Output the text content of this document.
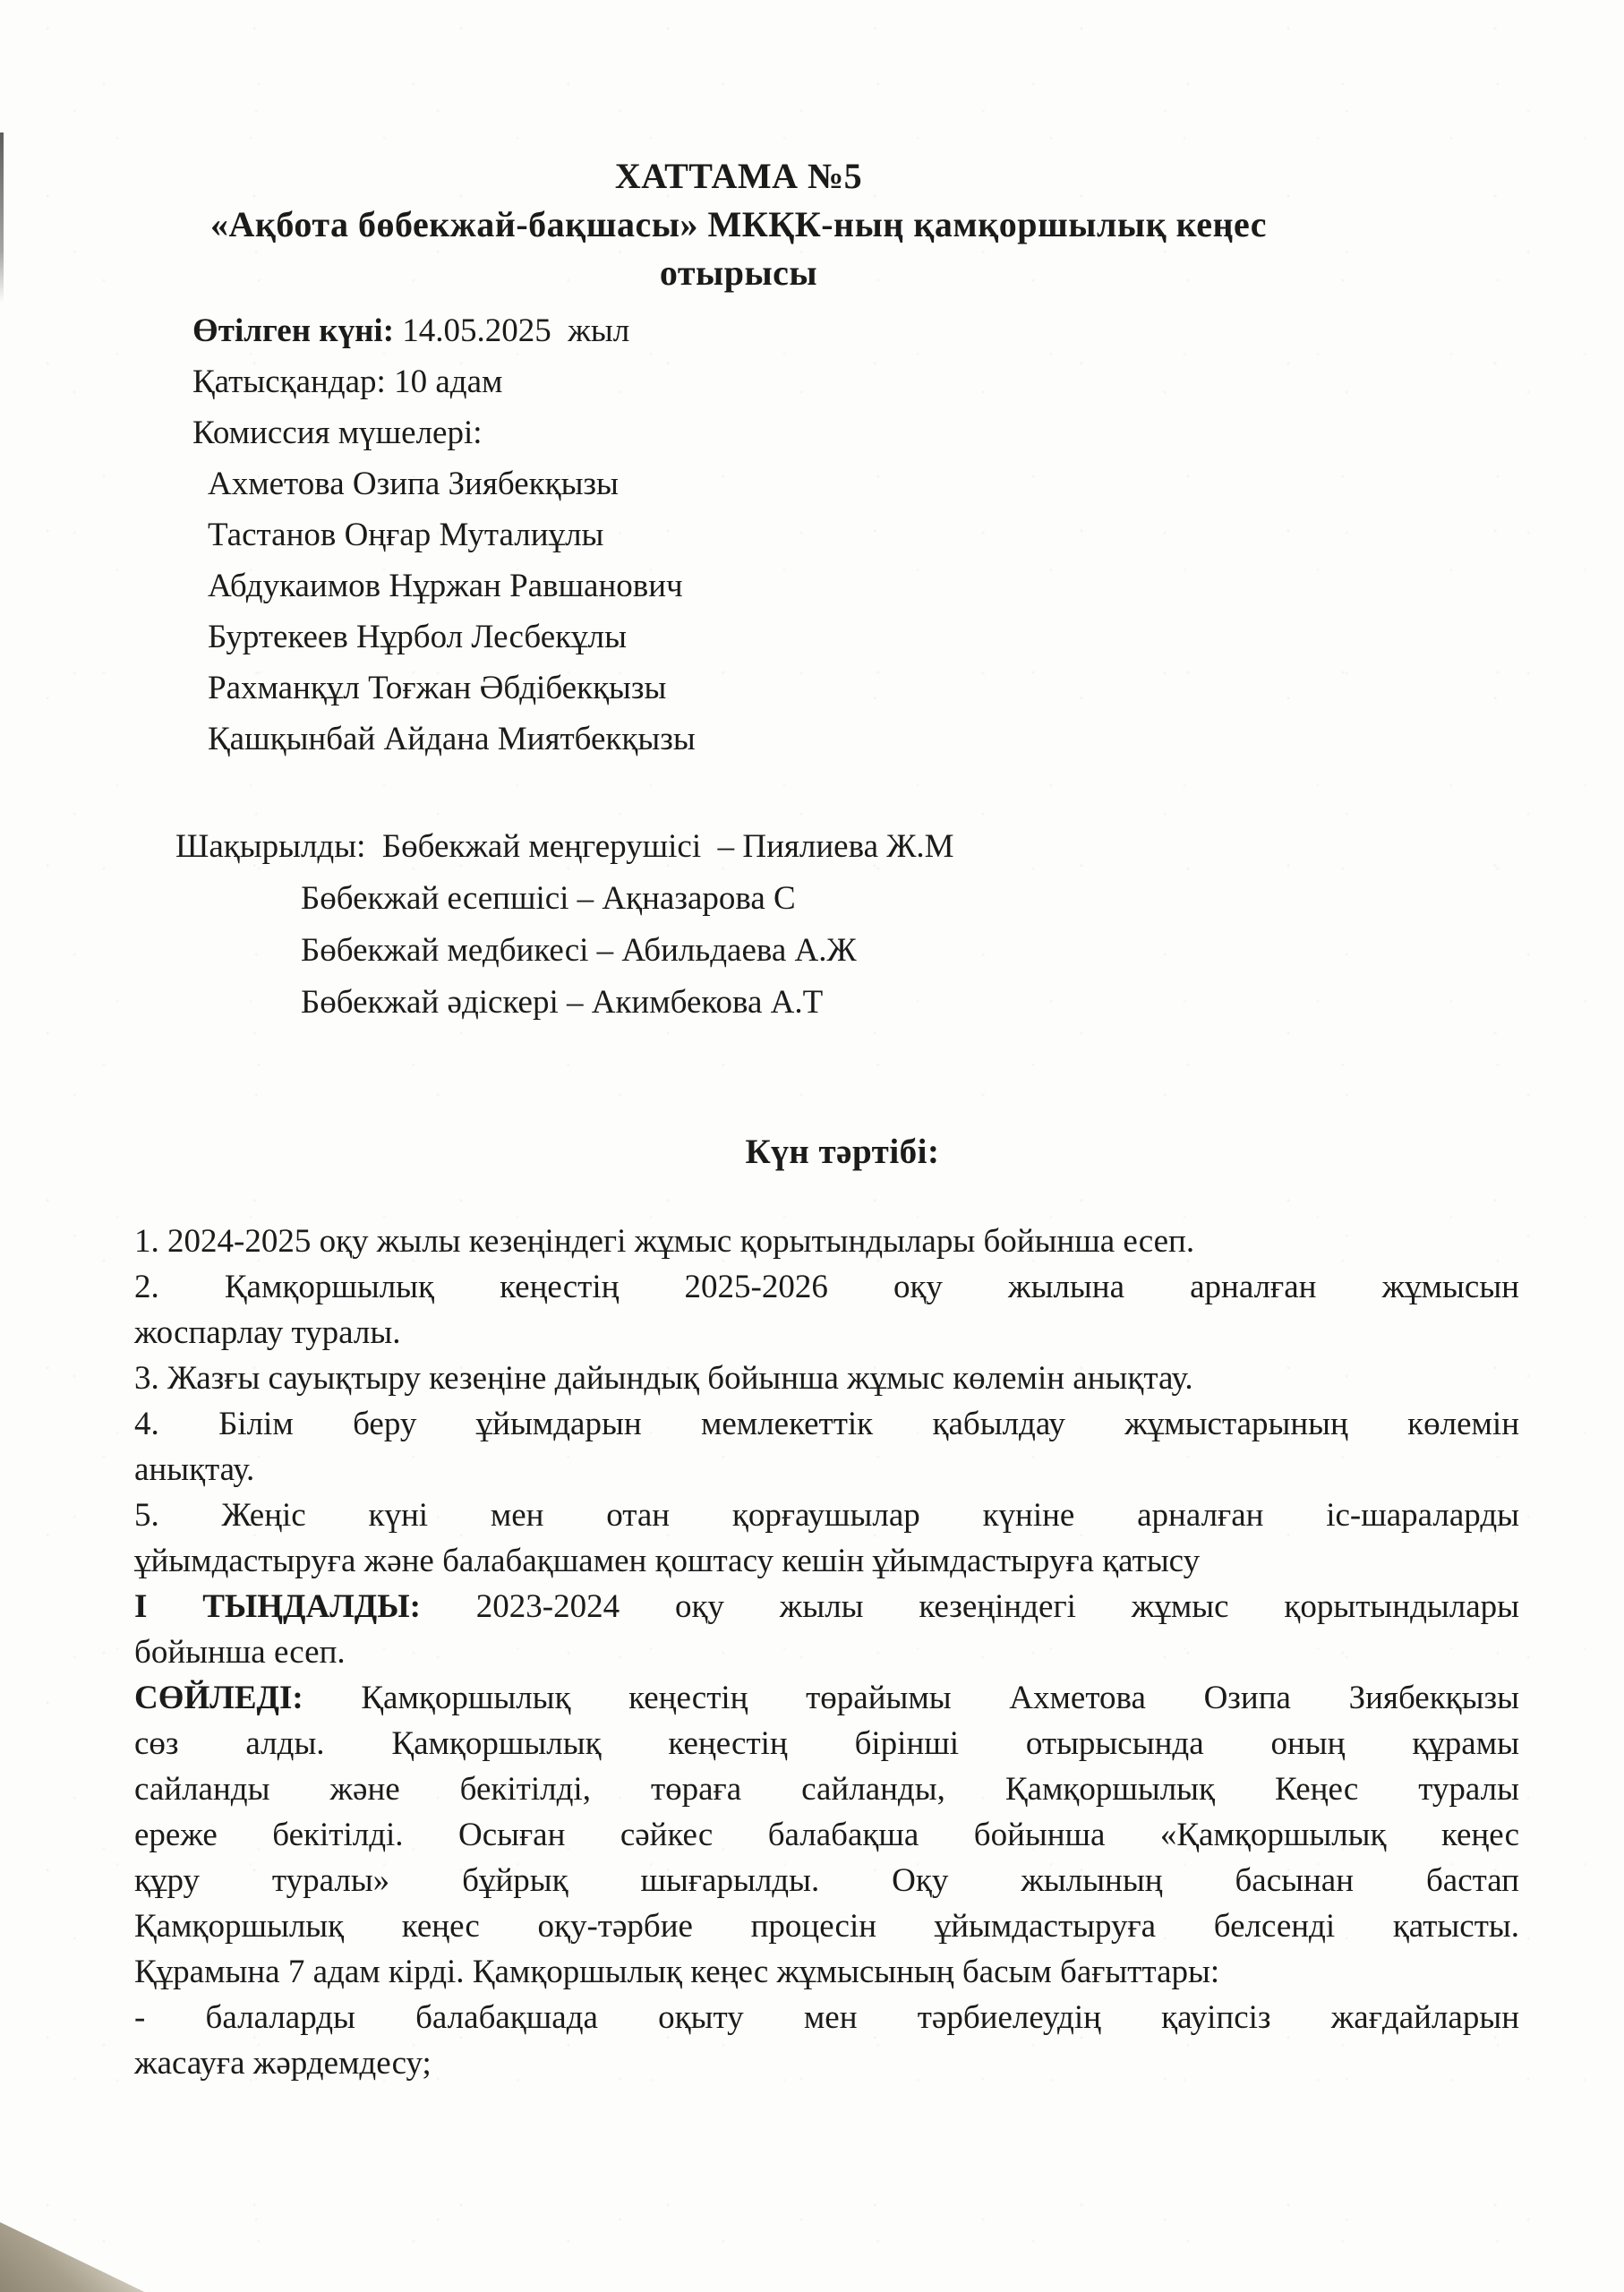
ХАТТАМА №5
«Ақбота бөбекжай-бақшасы» МКҚК-ның қамқоршылық кеңес
отырысы
Өтілген күні: 14.05.2025  жыл
Қатысқандар: 10 адам
Комиссия мүшелері:
Ахметова Озипа Зиябекқызы
Тастанов Оңғар Муталиұлы
Абдукаимов Нұржан Равшанович
Буртекеев Нұрбол Лесбекұлы
Рахманқұл Тоғжан Әбдібекқызы
Қашқынбай Айдана Миятбекқызы
Шақырылды:  Бөбекжай меңгерушісі  – Пиялиева Ж.М
Бөбекжай есепшісі – Ақназарова С
Бөбекжай медбикесі – Абильдаева А.Ж
Бөбекжай әдіскері – Акимбекова А.Т
Күн тәртібі:
1. 2024-2025 оқу жылы кезеңіндегі жұмыс қорытындылары бойынша есеп.
2. Қамқоршылық кеңестің 2025-2026 оқу жылына арналған жұмысын
жоспарлау туралы.
3. Жазғы сауықтыру кезеңіне дайындық бойынша жұмыс көлемін анықтау.
4. Білім беру ұйымдарын мемлекеттік қабылдау жұмыстарының көлемін
анықтау.
5. Жеңіс күні мен отан қорғаушылар күніне арналған іс-шараларды
ұйымдастыруға және балабақшамен қоштасу кешін ұйымдастыруға қатысу
І ТЫҢДАЛДЫ: 2023-2024 оқу жылы кезеңіндегі жұмыс қорытындылары
бойынша есеп.
СӨЙЛЕДІ: Қамқоршылық кеңестің төрайымы Ахметова Озипа Зиябекқызы
сөз алды. Қамқоршылық кеңестің бірінші отырысында оның құрамы
сайланды және бекітілді, төраға сайланды, Қамқоршылық Кеңес туралы
ереже бекітілді. Осыған сәйкес балабақша бойынша «Қамқоршылық кеңес
құру туралы» бұйрық шығарылды. Оқу жылының басынан бастап
Қамқоршылық кеңес оқу-тәрбие процесін ұйымдастыруға белсенді қатысты.
Құрамына 7 адам кірді. Қамқоршылық кеңес жұмысының басым бағыттары:
- балаларды балабақшада оқыту мен тәрбиелеудің қауіпсіз жағдайларын
жасауға жәрдемдесу;
